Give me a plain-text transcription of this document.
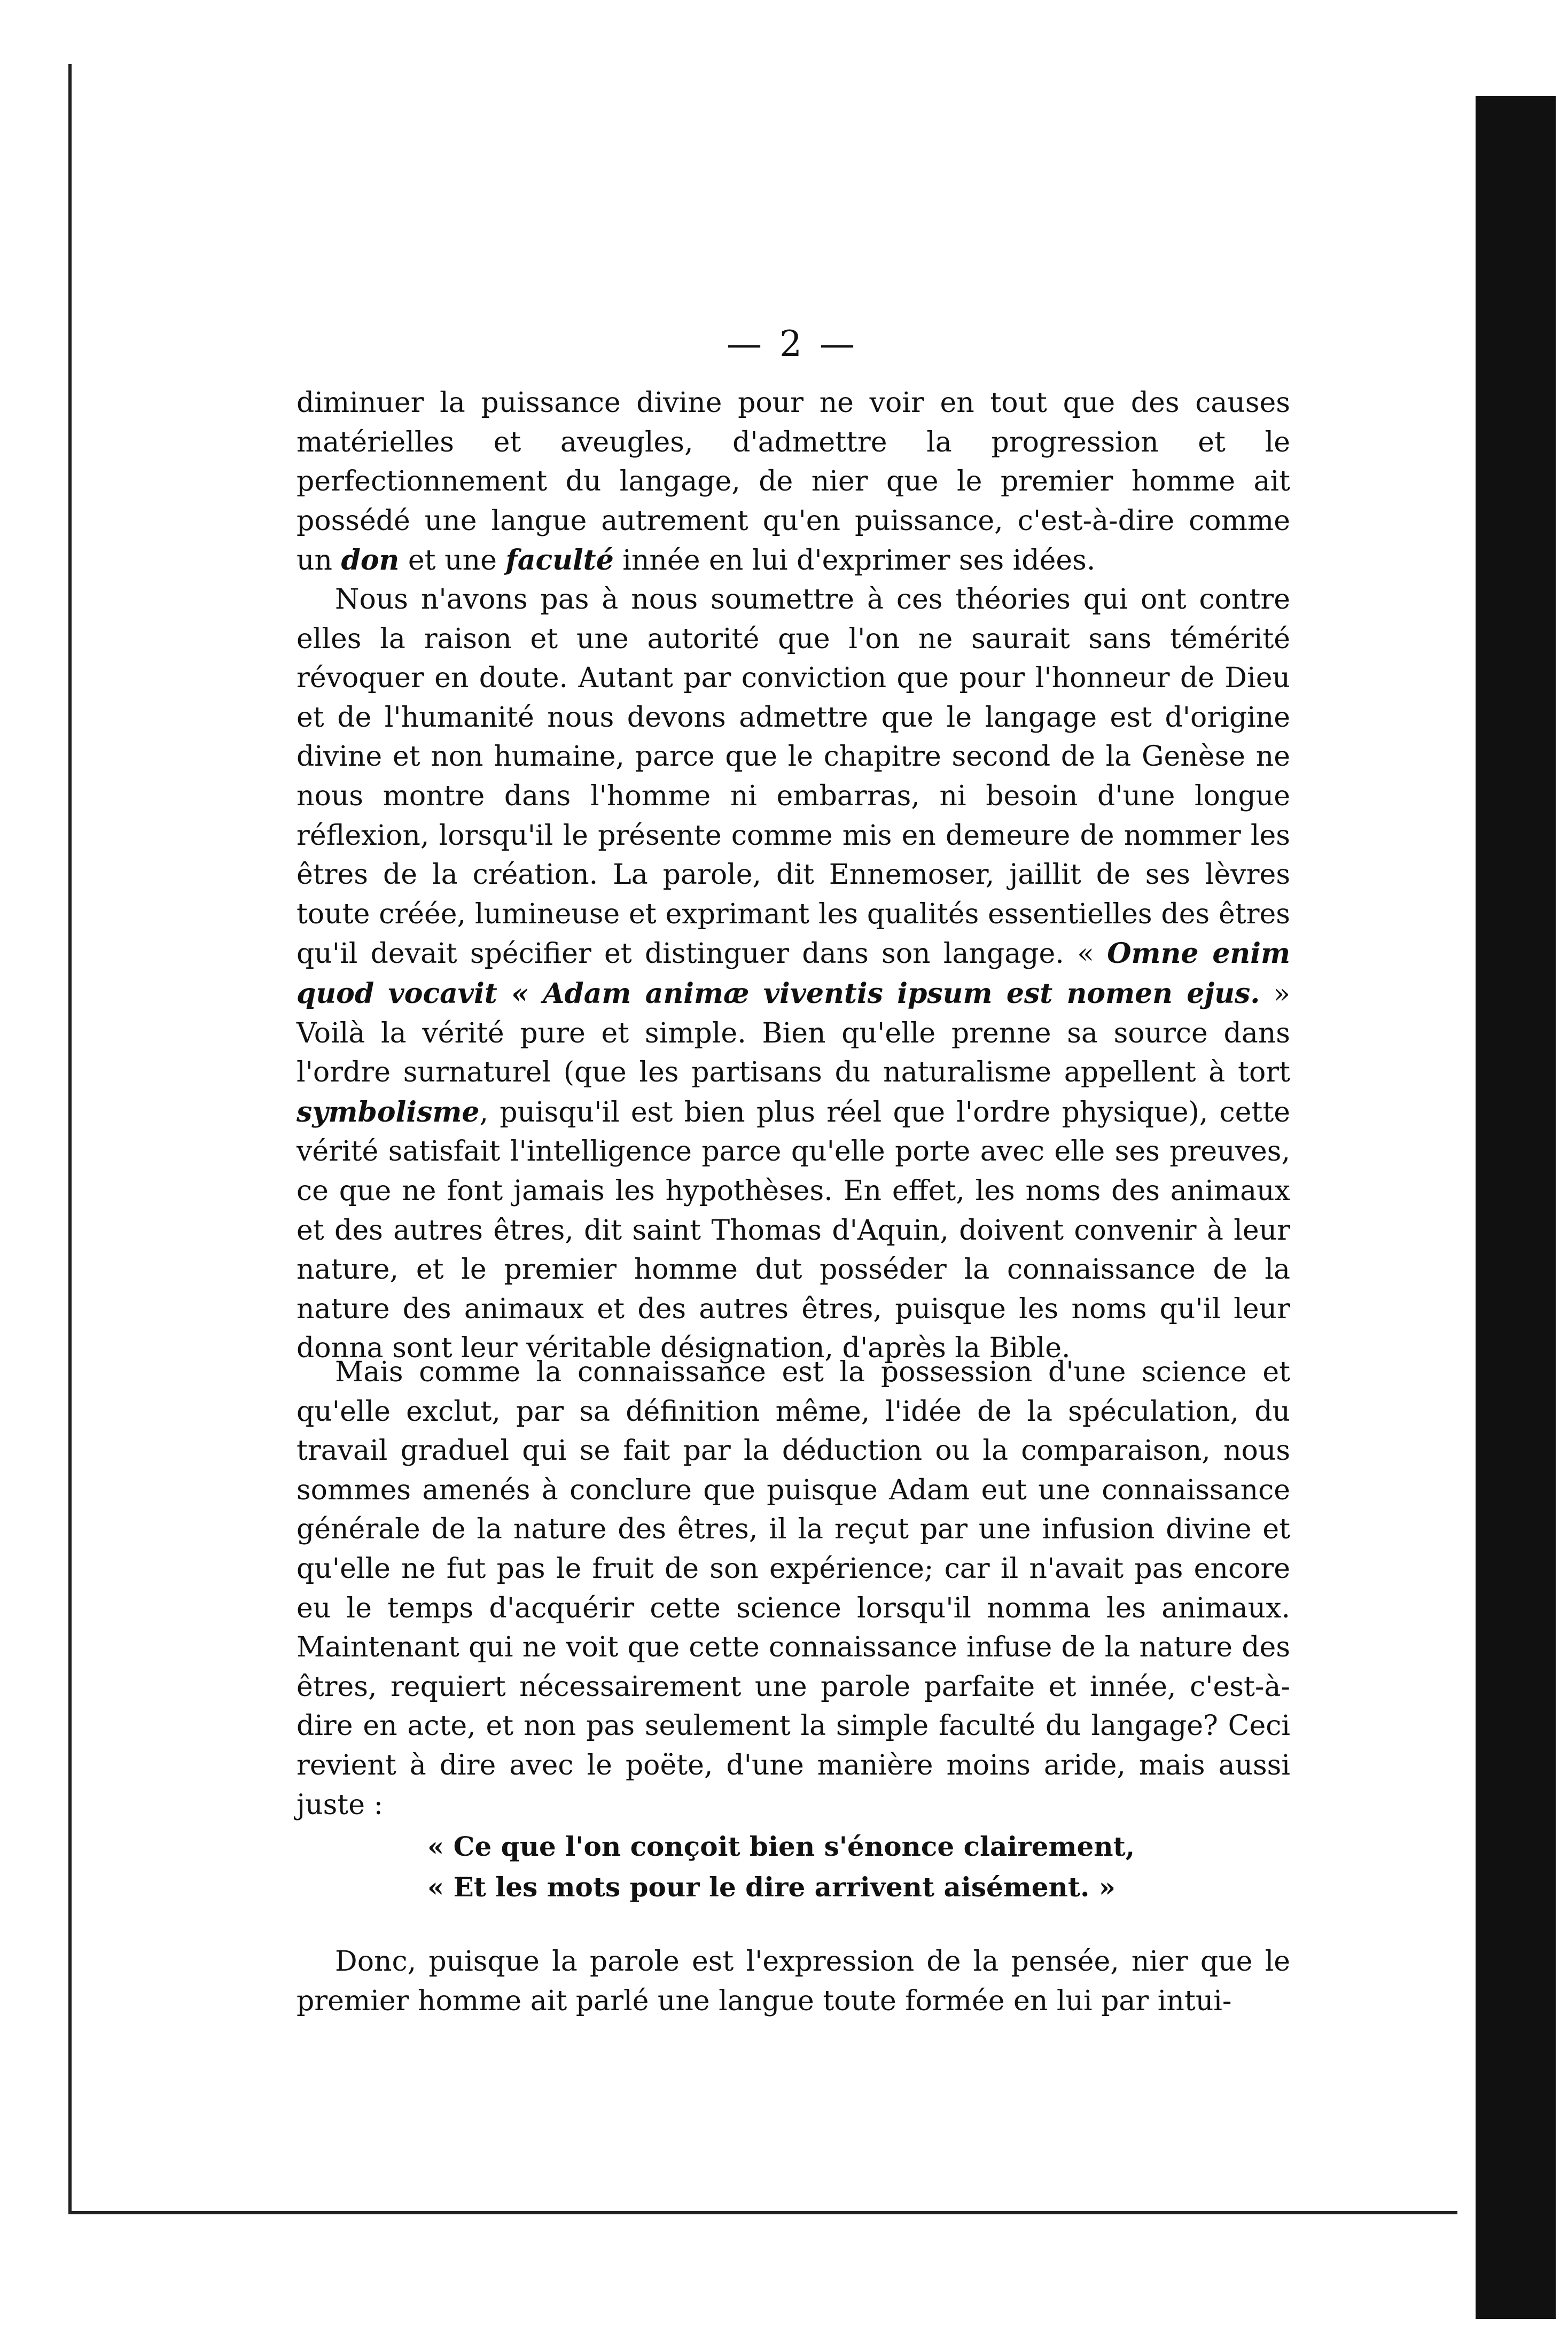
— 2 —

diminuer la puissance divine pour ne voir en tout que des causes matérielles et aveugles, d'admettre la progression et le perfectionnement du langage, de nier que le premier homme ait possédé une langue autrement qu'en puissance, c'est-à-dire comme un don et une faculté innée en lui d'exprimer ses idées.

Nous n'avons pas à nous soumettre à ces théories qui ont contre elles la raison et une autorité que l'on ne saurait sans témérité révoquer en doute. Autant par conviction que pour l'honneur de Dieu et de l'humanité nous devons admettre que le langage est d'origine divine et non humaine, parce que le chapitre second de la Genèse ne nous montre dans l'homme ni embarras, ni besoin d'une longue réflexion, lorsqu'il le présente comme mis en demeure de nommer les êtres de la création. La parole, dit Ennemoser, jaillit de ses lèvres toute créée, lumineuse et exprimant les qualités essentielles des êtres qu'il devait spécifier et distinguer dans son langage. « Omne enim quod vocavit « Adam animæ viventis ipsum est nomen ejus. » Voilà la vérité pure et simple. Bien qu'elle prenne sa source dans l'ordre surnaturel (que les partisans du naturalisme appellent à tort symbolisme, puisqu'il est bien plus réel que l'ordre physique), cette vérité satisfait l'intelligence parce qu'elle porte avec elle ses preuves, ce que ne font jamais les hypothèses. En effet, les noms des animaux et des autres êtres, dit saint Thomas d'Aquin, doivent convenir à leur nature, et le premier homme dut posséder la connaissance de la nature des animaux et des autres êtres, puisque les noms qu'il leur donna sont leur véritable désignation, d'après la Bible.

Mais comme la connaissance est la possession d'une science et qu'elle exclut, par sa définition même, l'idée de la spéculation, du travail graduel qui se fait par la déduction ou la comparaison, nous sommes amenés à conclure que puisque Adam eut une connaissance générale de la nature des êtres, il la reçut par une infusion divine et qu'elle ne fut pas le fruit de son expérience; car il n'avait pas encore eu le temps d'acquérir cette science lorsqu'il nomma les animaux. Maintenant qui ne voit que cette connaissance infuse de la nature des êtres, requiert nécessairement une parole parfaite et innée, c'est-à-dire en acte, et non pas seulement la simple faculté du langage? Ceci revient à dire avec le poëte, d'une manière moins aride, mais aussi juste :

« Ce que l'on conçoit bien s'énonce clairement,
« Et les mots pour le dire arrivent aisément. »

Donc, puisque la parole est l'expression de la pensée, nier que le premier homme ait parlé une langue toute formée en lui par intui-
